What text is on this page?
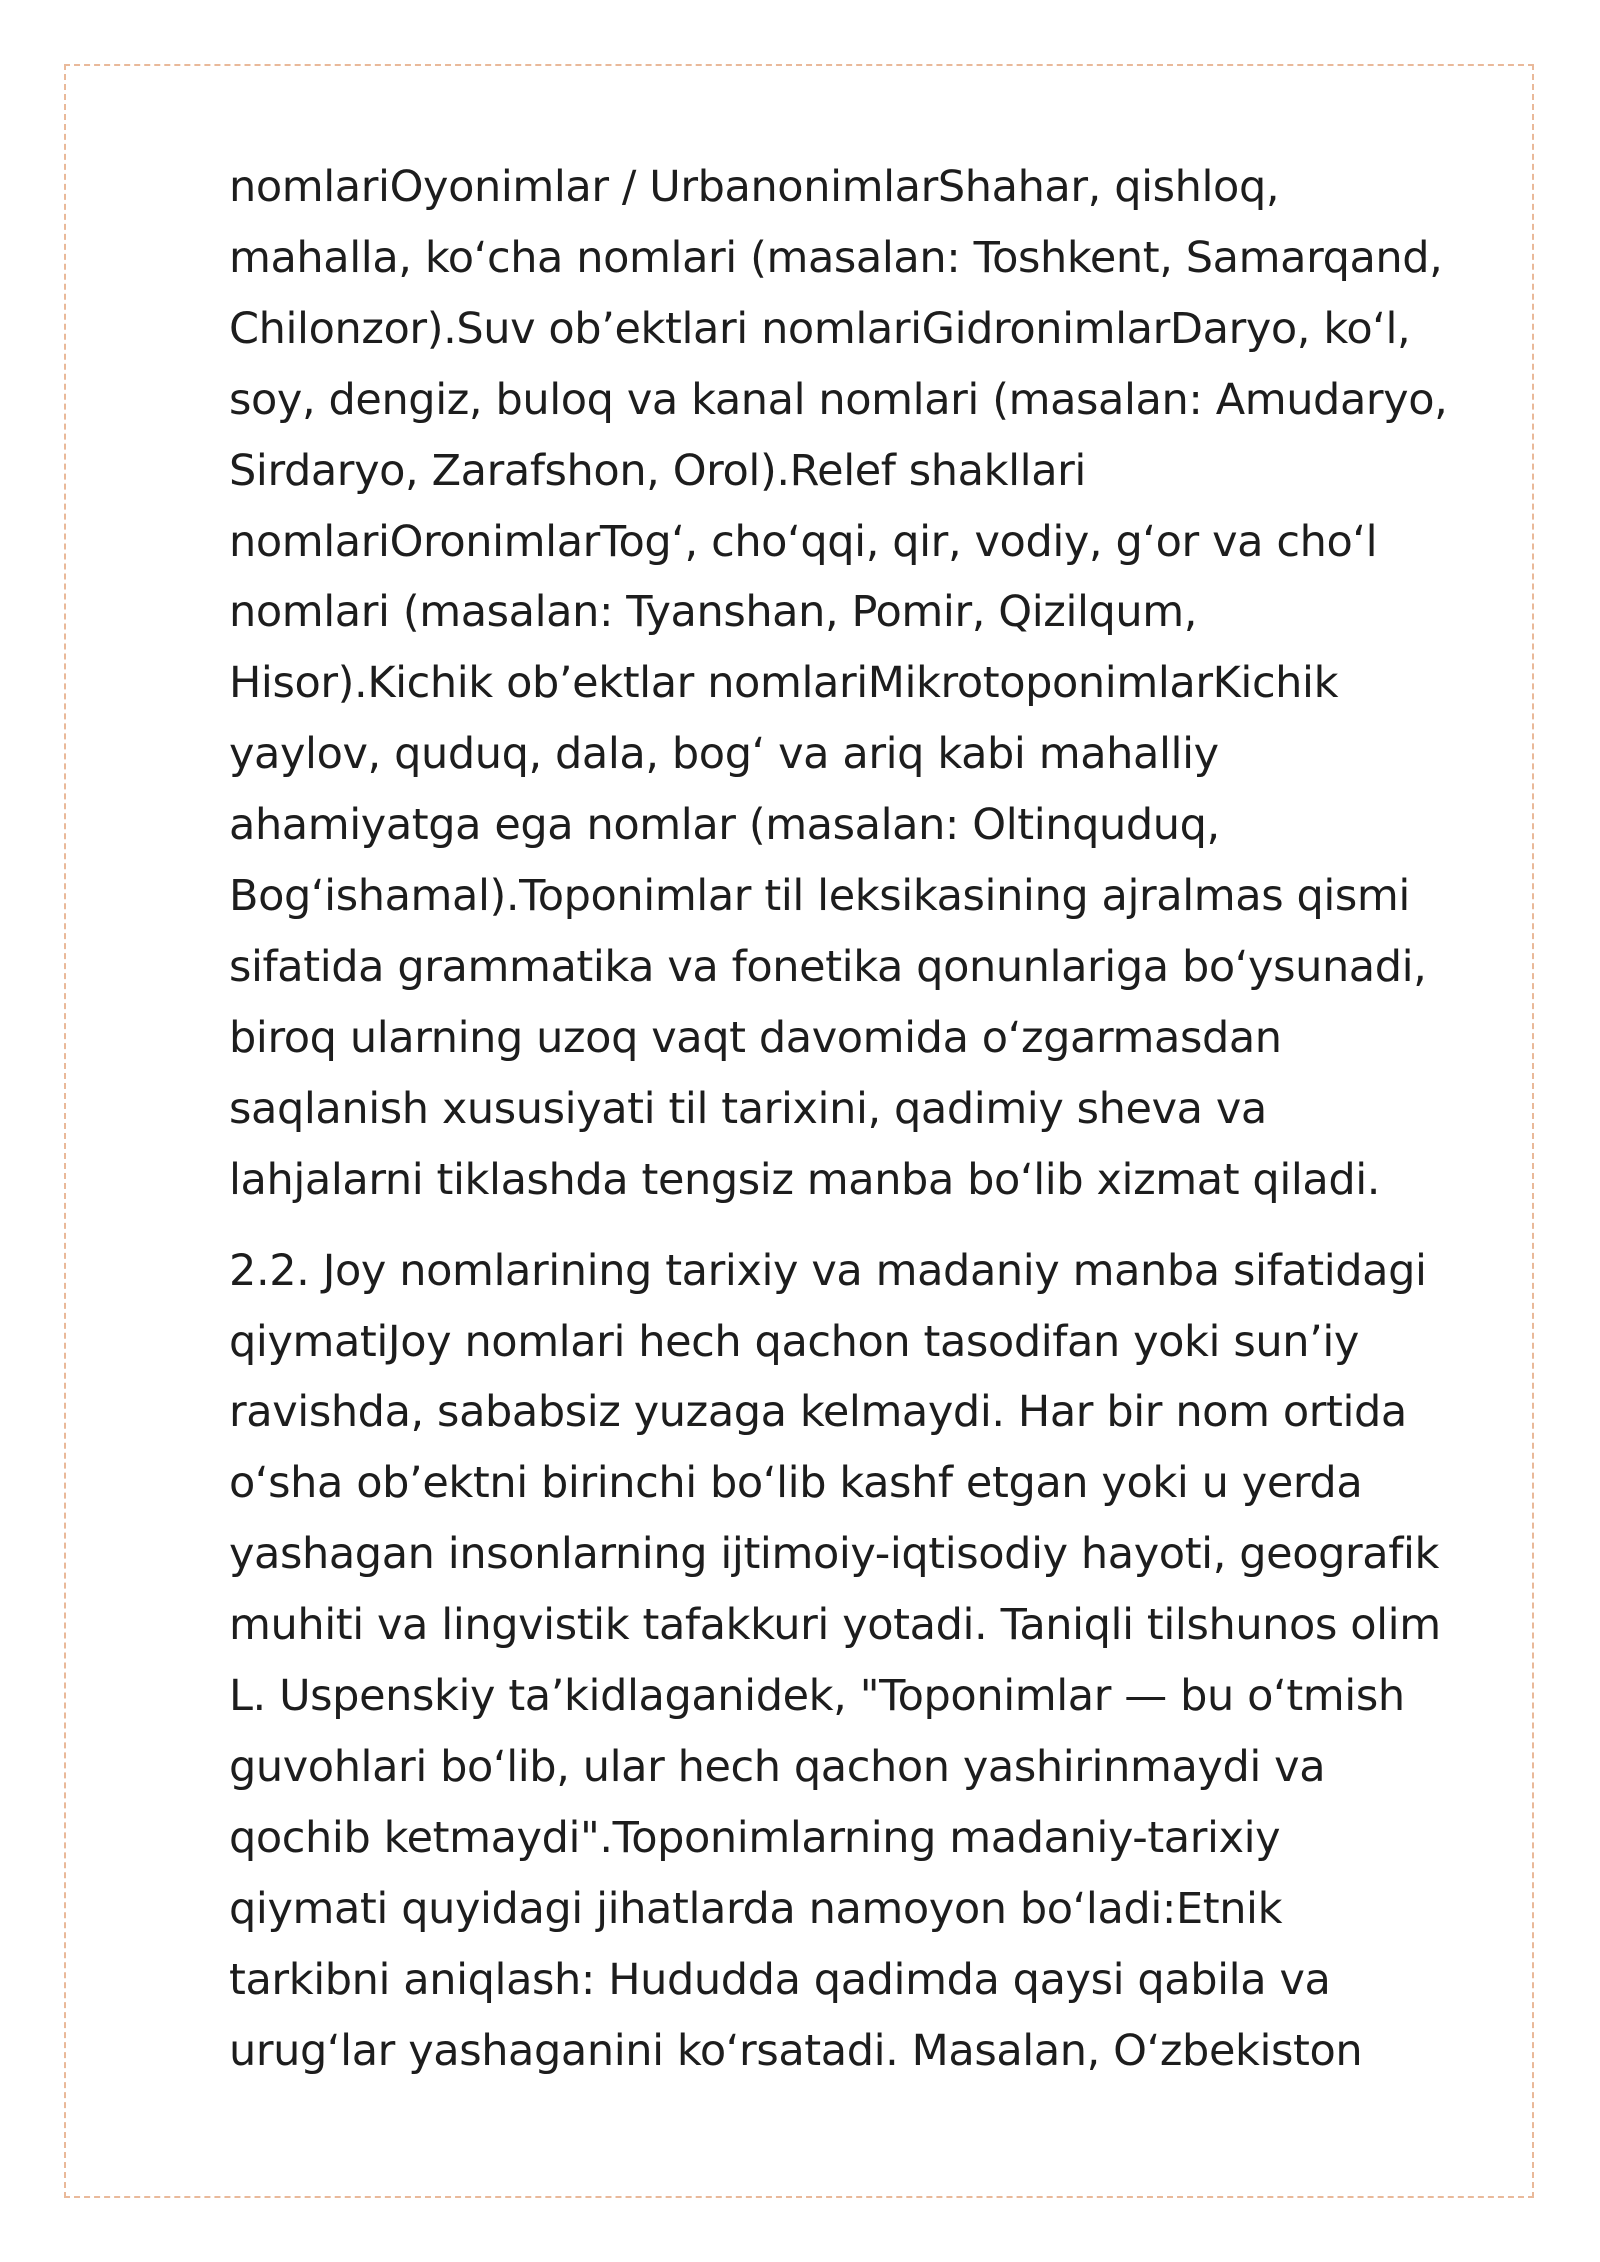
nomlariOyonimlar / UrbanonimlarShahar, qishloq,
mahalla, ko‘cha nomlari (masalan: Toshkent, Samarqand,
Chilonzor).Suv ob’ektlari nomlariGidronimlarDaryo, ko‘l,
soy, dengiz, buloq va kanal nomlari (masalan: Amudaryo,
Sirdaryo, Zarafshon, Orol).Relef shakllari
nomlariOronimlarTog‘, cho‘qqi, qir, vodiy, g‘or va cho‘l
nomlari (masalan: Tyanshan, Pomir, Qizilqum,
Hisor).Kichik ob’ektlar nomlariMikrotoponimlarKichik
yaylov, quduq, dala, bog‘ va ariq kabi mahalliy
ahamiyatga ega nomlar (masalan: Oltinquduq,
Bog‘ishamal).Toponimlar til leksikasining ajralmas qismi
sifatida grammatika va fonetika qonunlariga bo‘ysunadi,
biroq ularning uzoq vaqt davomida o‘zgarmasdan
saqlanish xususiyati til tarixini, qadimiy sheva va
lahjalarni tiklashda tengsiz manba bo‘lib xizmat qiladi.
2.2. Joy nomlarining tarixiy va madaniy manba sifatidagi
qiymatiJoy nomlari hech qachon tasodifan yoki sun’iy
ravishda, sababsiz yuzaga kelmaydi. Har bir nom ortida
o‘sha ob’ektni birinchi bo‘lib kashf etgan yoki u yerda
yashagan insonlarning ijtimoiy-iqtisodiy hayoti, geografik
muhiti va lingvistik tafakkuri yotadi. Taniqli tilshunos olim
L. Uspenskiy ta’kidlaganidek, "Toponimlar — bu o‘tmish
guvohlari bo‘lib, ular hech qachon yashirinmaydi va
qochib ketmaydi".Toponimlarning madaniy-tarixiy
qiymati quyidagi jihatlarda namoyon bo‘ladi:Etnik
tarkibni aniqlash: Hududda qadimda qaysi qabila va
urug‘lar yashaganini ko‘rsatadi. Masalan, O‘zbekiston
